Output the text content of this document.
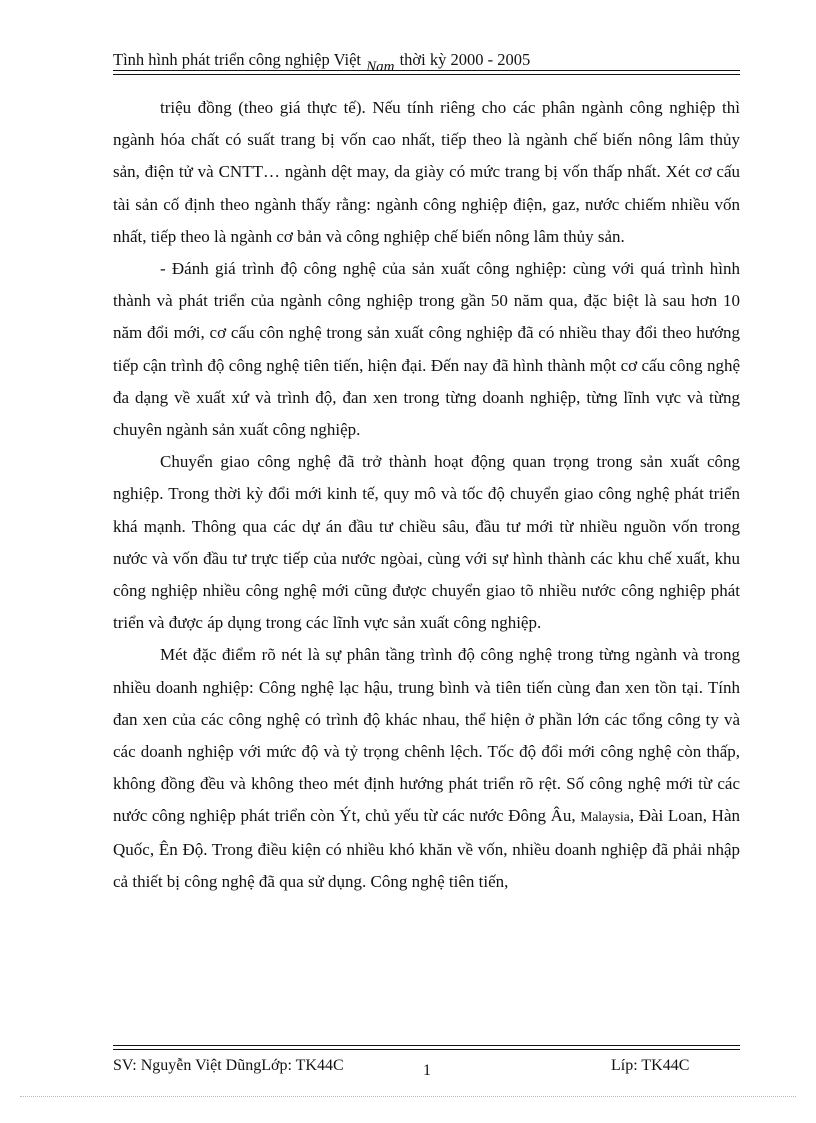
Tình hình phát triển công nghiệp Việt Nam thời kỳ 2000 - 2005

triệu đồng (theo giá thực tế). Nếu tính riêng cho các phân ngành công nghiệp thì ngành hóa chất có suất trang bị vốn cao nhất, tiếp theo là ngành chế biến nông lâm thủy sản, điện tử và CNTT… ngành dệt may, da giày có mức trang bị vốn thấp nhất. Xét cơ cấu tài sản cố định theo ngành thấy rằng: ngành công nghiệp điện, gaz, nước chiếm nhiều vốn nhất, tiếp theo là ngành cơ bản và công nghiệp chế biến nông lâm thủy sản.

- Đánh giá trình độ công nghệ của sản xuất công nghiệp: cùng với quá trình hình thành và phát triển của ngành công nghiệp trong gần 50 năm qua, đặc biệt là sau hơn 10 năm đổi mới, cơ cấu côn nghệ trong sản xuất công nghiệp đã có nhiều thay đổi theo hướng tiếp cận trình độ công nghệ tiên tiến, hiện đại. Đến nay đã hình thành một cơ cấu công nghệ đa dạng về xuất xứ và trình độ, đan xen trong từng doanh nghiệp, từng lĩnh vực và từng chuyên ngành sản xuất công nghiệp.

Chuyển giao công nghệ đã trở thành hoạt động quan trọng trong sản xuất công nghiệp. Trong thời kỳ đổi mới kinh tế, quy mô và tốc độ chuyển giao công nghệ phát triển khá mạnh. Thông qua các dự án đầu tư chiều sâu, đầu tư mới từ nhiều nguồn vốn trong nước và vốn đầu tư trực tiếp của nước ngòai, cùng với sự hình thành các khu chế xuất, khu công nghiệp nhiều công nghệ mới cũng được chuyển giao tõ nhiều nước công nghiệp phát triển và được áp dụng trong các lĩnh vực sản xuất công nghiệp.

Mét đặc điểm rõ nét là sự phân tầng trình độ công nghệ trong từng ngành và trong nhiều doanh nghiệp: Công nghệ lạc hậu, trung bình và tiên tiến cùng đan xen tồn tại. Tính đan xen của các công nghệ có trình độ khác nhau, thể hiện ở phần lớn các tổng công ty và các doanh nghiệp với mức độ và tỷ trọng chênh lệch. Tốc độ đổi mới công nghệ còn thấp, không đồng đều và không theo mét định hướng phát triển rõ rệt. Số công nghệ mới từ các nước công nghiệp phát triển còn Ýt, chủ yếu từ các nước Đông Âu, Malaysia, Đài Loan, Hàn Quốc, Ên Độ. Trong điều kiện có nhiều khó khăn về vốn, nhiều doanh nghiệp đã phải nhập cả thiết bị công nghệ đã qua sử dụng. Công nghệ tiên tiến,

SV: Nguyễn Việt DũngLớp: TK44C	1	Líp: TK44C
